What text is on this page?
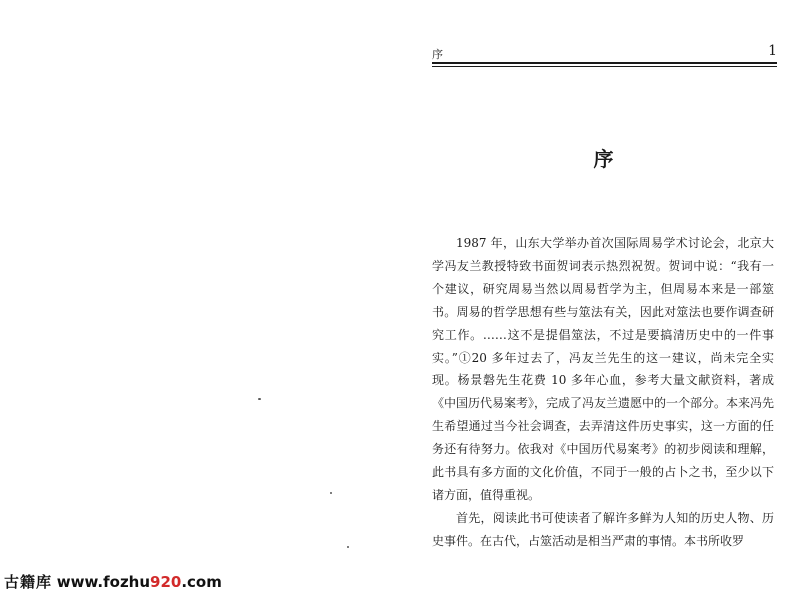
序	1
序

1987 年，山东大学举办首次国际周易学术讨论会，北京大学冯友兰教授特致书面贺词表示热烈祝贺。贺词中说：“我有一个建议，研究周易当然以周易哲学为主，但周易本来是一部筮书。周易的哲学思想有些与筮法有关，因此对筮法也要作调查研究工作。……这不是提倡筮法，不过是要搞清历史中的一件事实。”①20 多年过去了，冯友兰先生的这一建议，尚未完全实现。杨景磐先生花费 10 多年心血，参考大量文献资料，著成《中国历代易案考》，完成了冯友兰遗愿中的一个部分。本来冯先生希望通过当今社会调查，去弄清这件历史事实，这一方面的任务还有待努力。依我对《中国历代易案考》的初步阅读和理解，此书具有多方面的文化价值，不同于一般的占卜之书，至少以下诸方面，值得重视。

首先，阅读此书可使读者了解许多鲜为人知的历史人物、历史事件。在古代，占筮活动是相当严肃的事情。本书所收罗

古籍库 www.fozhu920.com
